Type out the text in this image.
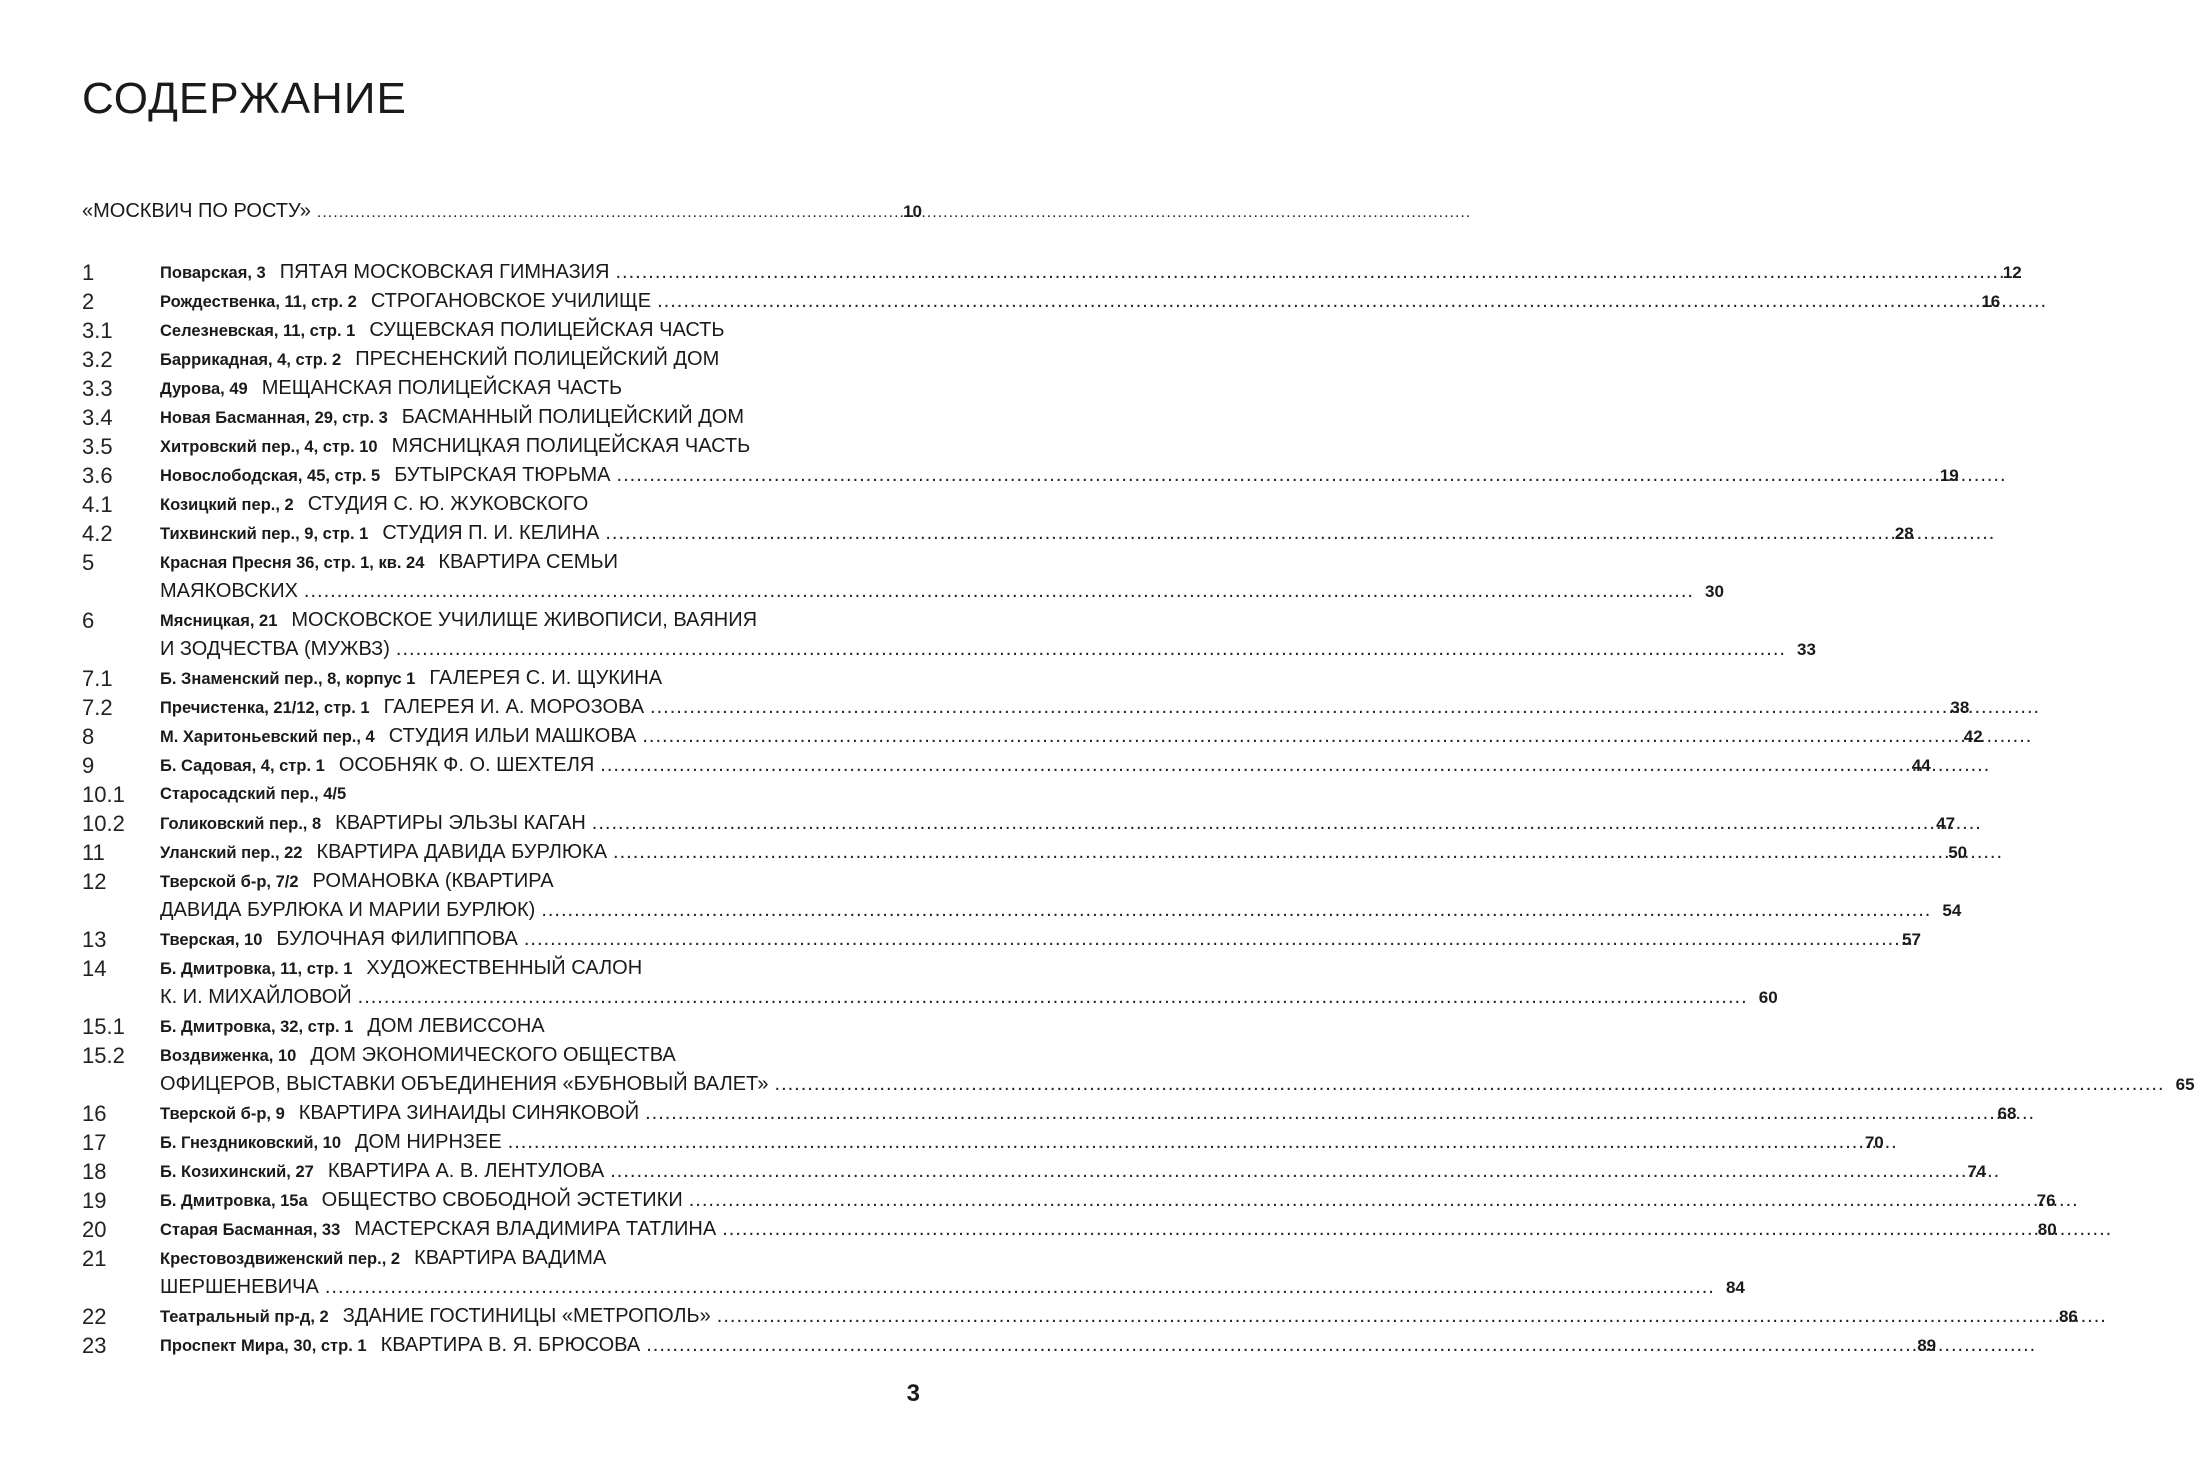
СОДЕРЖАНИЕ
«МОСКВИЧ ПО РОСТУ» .....	10
1	Поварская, 3 ПЯТАЯ МОСКОВСКАЯ ГИМНАЗИЯ .....	12
2	Рождественка, 11, стр. 2 СТРОГАНОВСКОЕ УЧИЛИЩЕ .....	16
3.1	Селезневская, 11, стр. 1 СУЩЕВСКАЯ ПОЛИЦЕЙСКАЯ ЧАСТЬ
3.2	Баррикадная, 4, стр. 2 ПРЕСНЕНСКИЙ ПОЛИЦЕЙСКИЙ ДОМ
3.3	Дурова, 49 МЕЩАНСКАЯ ПОЛИЦЕЙСКАЯ ЧАСТЬ
3.4	Новая Басманная, 29, стр. 3 БАСМАННЫЙ ПОЛИЦЕЙСКИЙ ДОМ
3.5	Хитровский пер., 4, стр. 10 МЯСНИЦКАЯ ПОЛИЦЕЙСКАЯ ЧАСТЬ
3.6	Новослободская, 45, стр. 5 БУТЫРСКАЯ ТЮРЬМА .....	19
4.1	Козицкий пер., 2 СТУДИЯ С. Ю. ЖУКОВСКОГО
4.2	Тихвинский пер., 9, стр. 1 СТУДИЯ П. И. КЕЛИНА .....	28
5	Красная Пресня 36, стр. 1, кв. 24 КВАРТИРА СЕМЬИ
МАЯКОВСКИХ .....	30
6	Мясницкая, 21 МОСКОВСКОЕ УЧИЛИЩЕ ЖИВОПИСИ, ВАЯНИЯ
И ЗОДЧЕСТВА (МУЖВЗ) .....	33
7.1	Б. Знаменский пер., 8, корпус 1 ГАЛЕРЕЯ С. И. ЩУКИНА
7.2	Пречистенка, 21/12, стр. 1 ГАЛЕРЕЯ И. А. МОРОЗОВА .....	38
8	М. Харитоньевский пер., 4 СТУДИЯ ИЛЬИ МАШКОВА .....	42
9	Б. Садовая, 4, стр. 1 ОСОБНЯК Ф. О. ШЕХТЕЛЯ .....	44
10.1	Старосадский пер., 4/5
10.2	Голиковский пер., 8 КВАРТИРЫ ЭЛЬЗЫ КАГАН .....	47
11	Уланский пер., 22 КВАРТИРА ДАВИДА БУРЛЮКА .....	50
12	Тверской б-р, 7/2 РОМАНОВКА (КВАРТИРА
ДАВИДА БУРЛЮКА И МАРИИ БУРЛЮК) .....	54
13	Тверская, 10 БУЛОЧНАЯ ФИЛИППОВА .....	57
14	Б. Дмитровка, 11, стр. 1 ХУДОЖЕСТВЕННЫЙ САЛОН
К. И. МИХАЙЛОВОЙ .....	60
15.1	Б. Дмитровка, 32, стр. 1 ДОМ ЛЕВИССОНА
15.2	Воздвиженка, 10 ДОМ ЭКОНОМИЧЕСКОГО ОБЩЕСТВА
ОФИЦЕРОВ, ВЫСТАВКИ ОБЪЕДИНЕНИЯ «БУБНОВЫЙ ВАЛЕТ» .....	65
16	Тверской б-р, 9 КВАРТИРА ЗИНАИДЫ СИНЯКОВОЙ .....	68
17	Б. Гнездниковский, 10 ДОМ НИРНЗЕЕ .....	70
18	Б. Козихинский, 27 КВАРТИРА А. В. ЛЕНТУЛОВА .....	74
19	Б. Дмитровка, 15а ОБЩЕСТВО СВОБОДНОЙ ЭСТЕТИКИ .....	76
20	Старая Басманная, 33 МАСТЕРСКАЯ ВЛАДИМИРА ТАТЛИНА .....	80
21	Крестовоздвиженский пер., 2 КВАРТИРА ВАДИМА
ШЕРШЕНЕВИЧА .....	84
22	Театральный пр-д, 2 ЗДАНИЕ ГОСТИНИЦЫ «МЕТРОПОЛЬ» .....	86
23	Проспект Мира, 30, стр. 1 КВАРТИРА В. Я. БРЮСОВА .....	89
3
